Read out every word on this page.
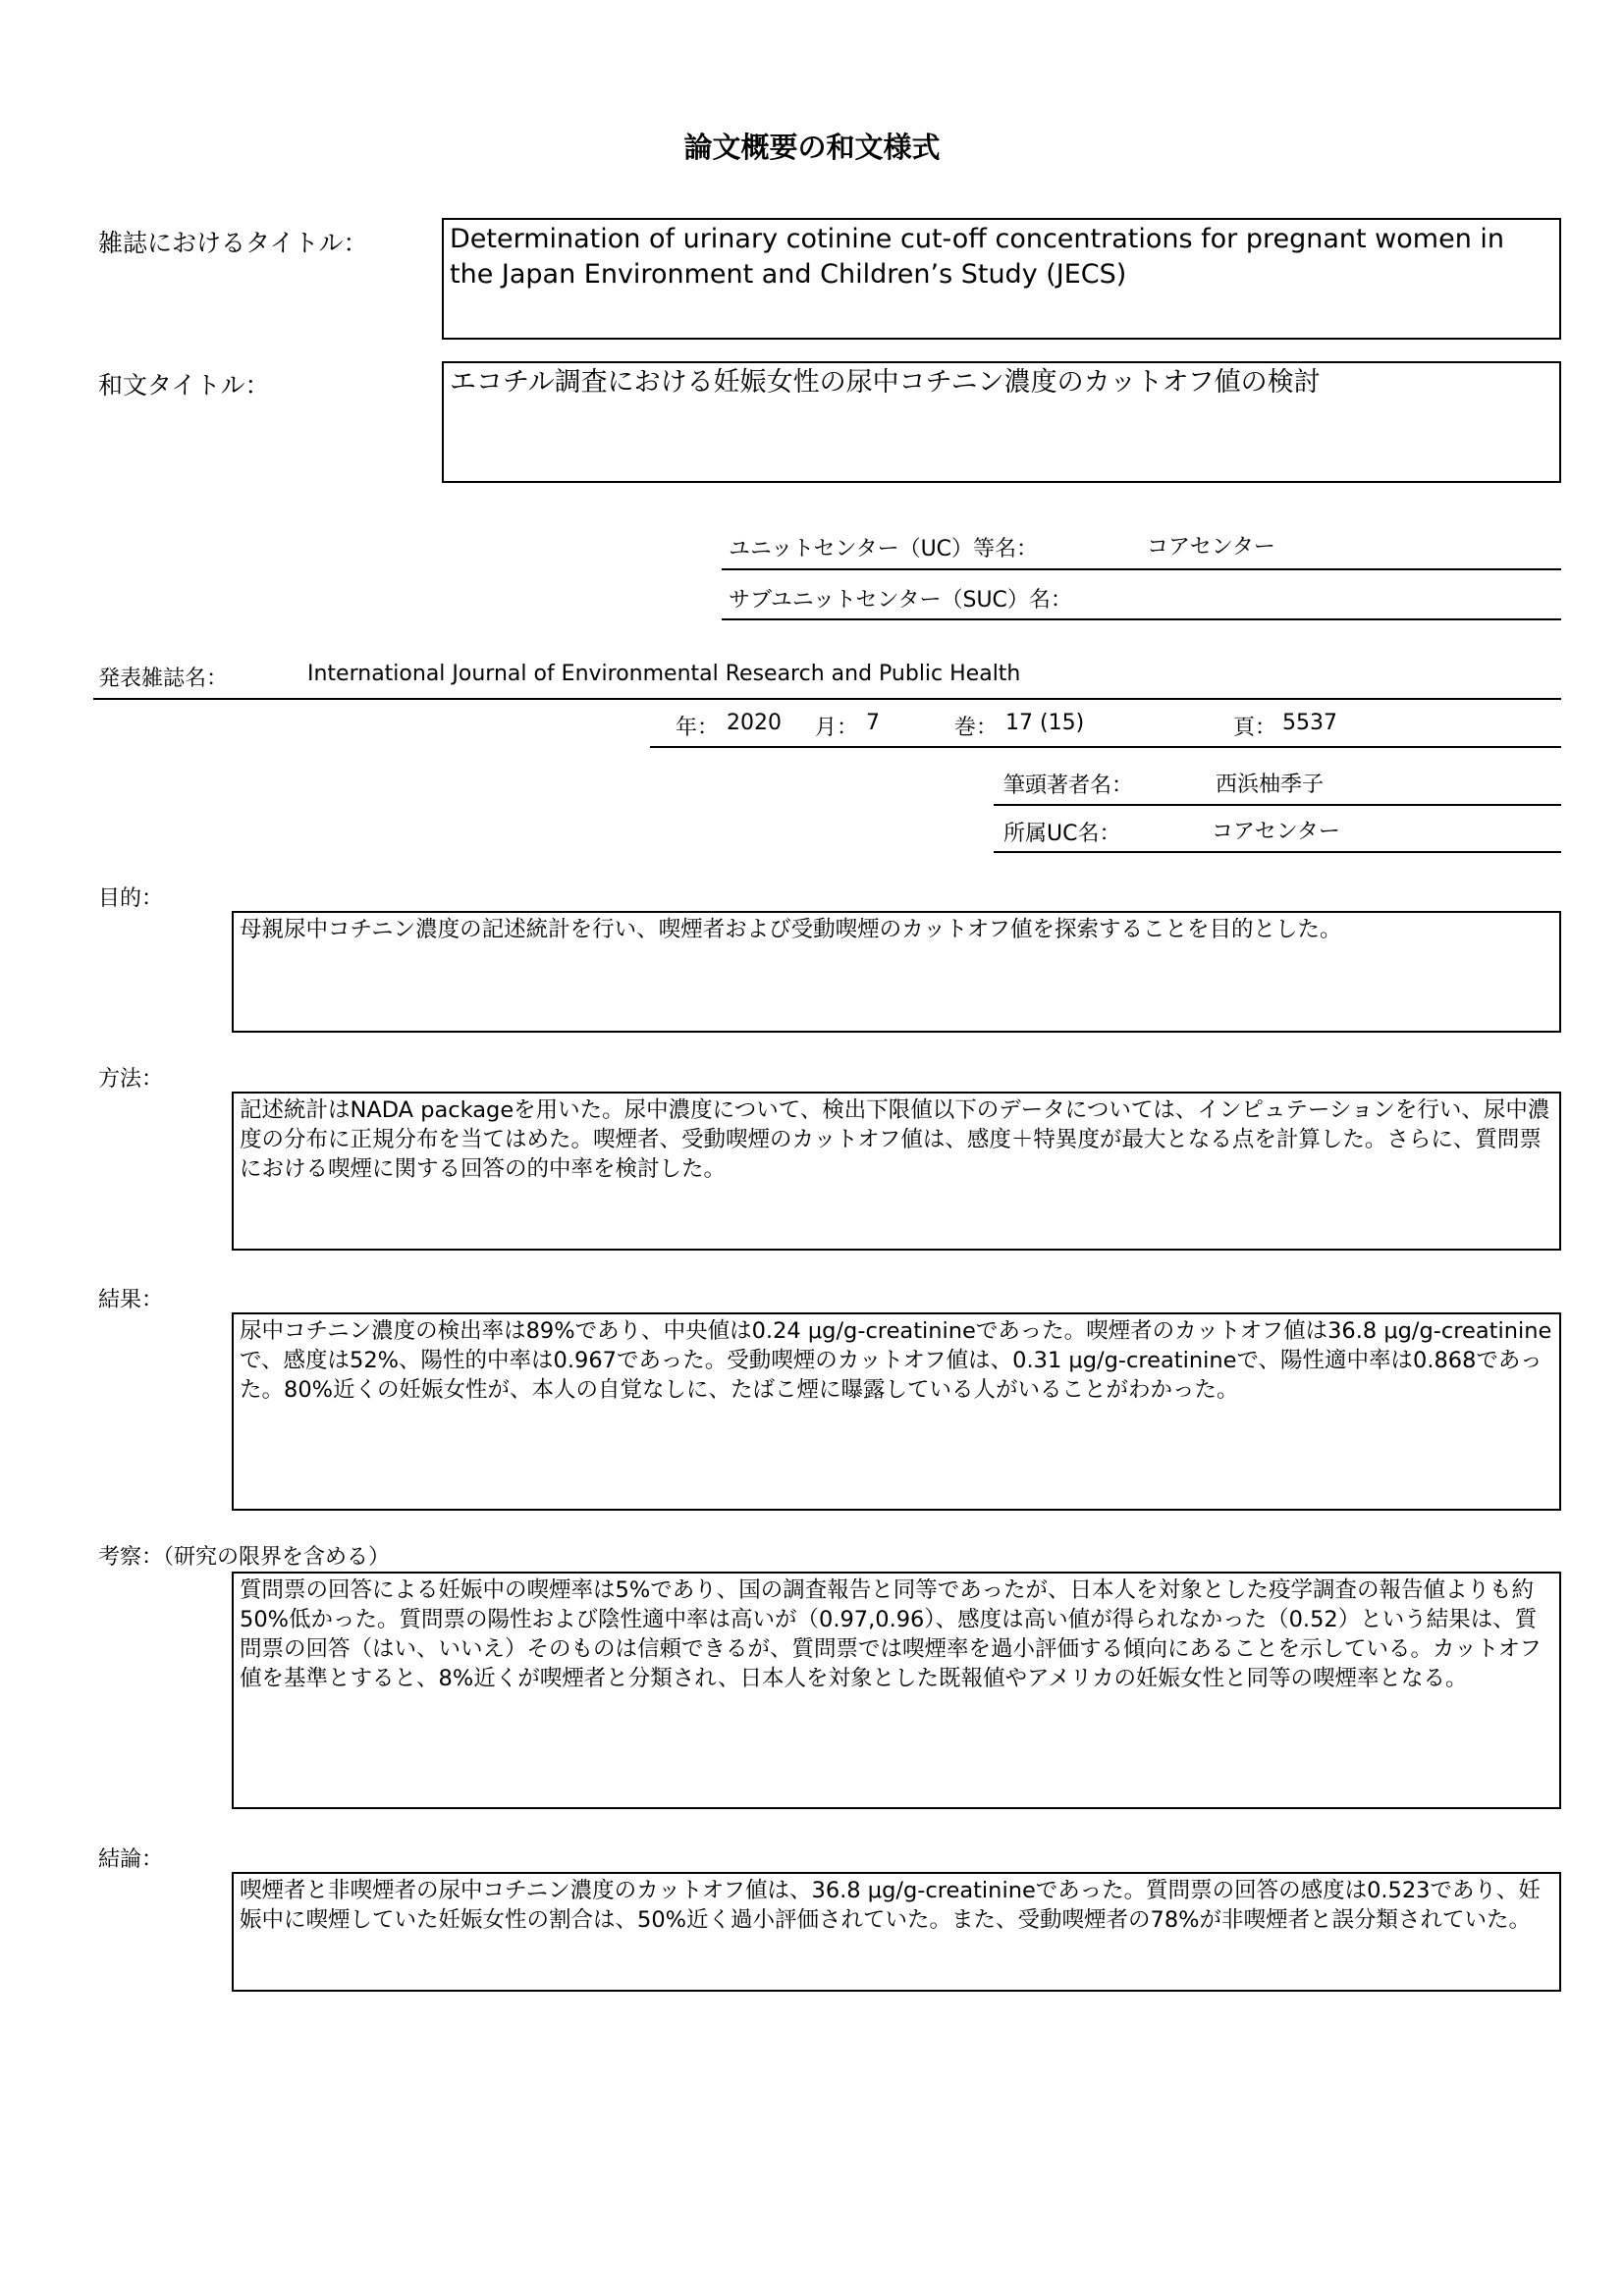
論文概要の和文様式
雑誌におけるタイトル：	Determination of urinary cotinine cut-off concentrations for pregnant women in the Japan Environment and Children’s Study (JECS)
和文タイトル：	エコチル調査における妊娠女性の尿中コチニン濃度のカットオフ値の検討
ユニットセンター（UC）等名：	コアセンター
サブユニットセンター（SUC）名：
発表雑誌名：	International Journal of Environmental Research and Public Health
年： 2020 月： 7	巻： 17 (15)	頁： 5537
筆頭著者名：	西浜柚季子
所属UC名：	コアセンター
目的：
母親尿中コチニン濃度の記述統計を行い、喫煙者および受動喫煙のカットオフ値を探索することを目的とした。
方法：
記述統計はNADA packageを用いた。尿中濃度について、検出下限値以下のデータについては、インピュテーションを行い、尿中濃度の分布に正規分布を当てはめた。喫煙者、受動喫煙のカットオフ値は、感度＋特異度が最大となる点を計算した。さらに、質問票における喫煙に関する回答の的中率を検討した。
結果：
尿中コチニン濃度の検出率は89%であり、中央値は0.24 μg/g-creatinineであった。喫煙者のカットオフ値は36.8 μg/g-creatinineで、感度は52%、陽性的中率は0.967であった。受動喫煙のカットオフ値は、0.31 μg/g-creatinineで、陽性適中率は0.868であった。80%近くの妊娠女性が、本人の自覚なしに、たばこ煙に曝露している人がいることがわかった。
考察：（研究の限界を含める）
質問票の回答による妊娠中の喫煙率は5%であり、国の調査報告と同等であったが、日本人を対象とした疫学調査の報告値よりも約50%低かった。質問票の陽性および陰性適中率は高いが（0.97,0.96）、感度は高い値が得られなかった（0.52）という結果は、質問票の回答（はい、いいえ）そのものは信頼できるが、質問票では喫煙率を過小評価する傾向にあることを示している。カットオフ値を基準とすると、8%近くが喫煙者と分類され、日本人を対象とした既報値やアメリカの妊娠女性と同等の喫煙率となる。
結論：
喫煙者と非喫煙者の尿中コチニン濃度のカットオフ値は、36.8 μg/g-creatinineであった。質問票の回答の感度は0.523であり、妊娠中に喫煙していた妊娠女性の割合は、50%近く過小評価されていた。また、受動喫煙者の78%が非喫煙者と誤分類されていた。
